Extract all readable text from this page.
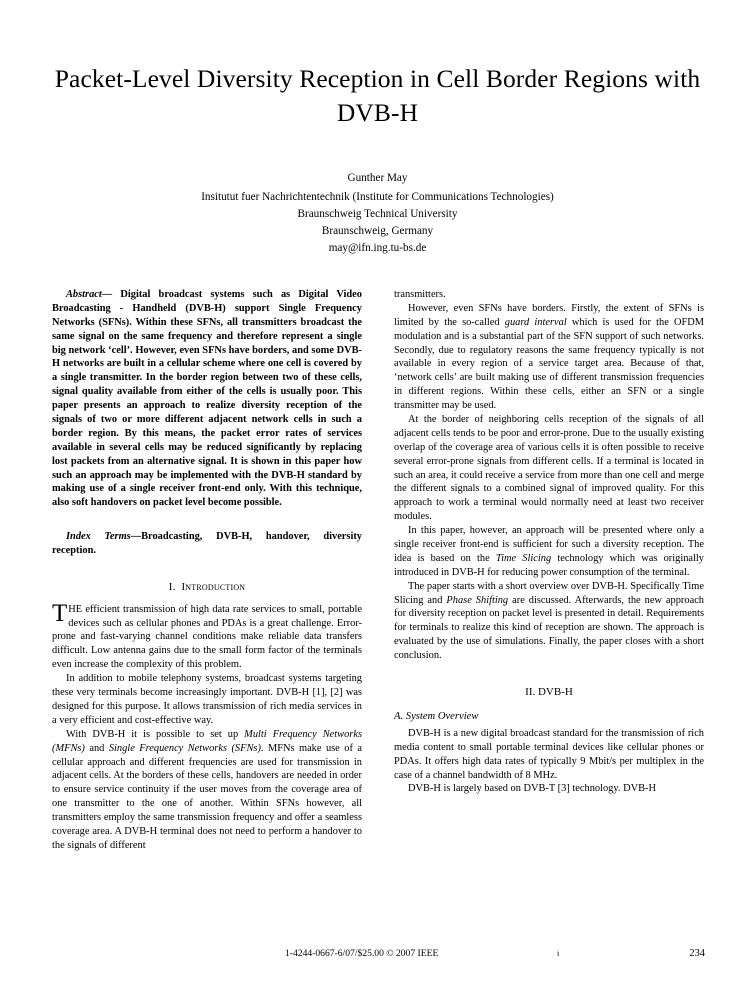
Packet-Level Diversity Reception in Cell Border Regions with DVB-H
Gunther May
Insitutut fuer Nachrichtentechnik (Institute for Communications Technologies)
Braunschweig Technical University
Braunschweig, Germany
may@ifn.ing.tu-bs.de

Abstract— Digital broadcast systems such as Digital Video Broadcasting - Handheld (DVB-H) support Single Frequency Networks (SFNs). Within these SFNs, all transmitters broadcast the same signal on the same frequency and therefore represent a single big network ‘cell’. However, even SFNs have borders, and some DVB-H networks are built in a cellular scheme where one cell is covered by a single transmitter. In the border region between two of these cells, signal quality available from either of the cells is usually poor. This paper presents an approach to realize diversity reception of the signals of two or more different adjacent network cells in such a border region. By this means, the packet error rates of services available in several cells may be reduced significantly by replacing lost packets from an alternative signal. It is shown in this paper how such an approach may be implemented with the DVB-H standard by making use of a single receiver front-end only. With this technique, also soft handovers on packet level become possible.

Index Terms—Broadcasting, DVB-H, handover, diversity reception.

I. Introduction

THE efficient transmission of high data rate services to small, portable devices such as cellular phones and PDAs is a great challenge. Error-prone and fast-varying channel conditions make reliable data transfers difficult. Low antenna gains due to the small form factor of the terminals even increase the complexity of this problem.

In addition to mobile telephony systems, broadcast systems targeting these very terminals become increasingly important. DVB-H [1], [2] was designed for this purpose. It allows transmission of rich media services in a very efficient and cost-effective way.

With DVB-H it is possible to set up Multi Frequency Networks (MFNs) and Single Frequency Networks (SFNs). MFNs make use of a cellular approach and different frequencies are used for transmission in adjacent cells. At the borders of these cells, handovers are needed in order to ensure service continuity if the user moves from the coverage area of one transmitter to the one of another. Within SFNs however, all transmitters employ the same transmission frequency and offer a seamless coverage area. A DVB-H terminal does not need to perform a handover to the signals of different

transmitters.

However, even SFNs have borders. Firstly, the extent of SFNs is limited by the so-called guard interval which is used for the OFDM modulation and is a substantial part of the SFN support of such networks. Secondly, due to regulatory reasons the same frequency typically is not available in every region of a service target area. Because of that, ‘network cells’ are built making use of different transmission frequencies in different regions. Within these cells, either an SFN or a single transmitter may be used.

At the border of neighboring cells reception of the signals of all adjacent cells tends to be poor and error-prone. Due to the usually existing overlap of the coverage area of various cells it is often possible to receive several error-prone signals from different cells. If a terminal is located in such an area, it could receive a service from more than one cell and merge the different signals to a combined signal of improved quality. For this approach to work a terminal would normally need at least two receiver modules.

In this paper, however, an approach will be presented where only a single receiver front-end is sufficient for such a diversity reception. The idea is based on the Time Slicing technology which was originally introduced in DVB-H for reducing power consumption of the terminal.

The paper starts with a short overview over DVB-H. Specifically Time Slicing and Phase Shifting are discussed. Afterwards, the new approach for diversity reception on packet level is presented in detail. Requirements for terminals to realize this kind of reception are shown. The approach is evaluated by the use of simulations. Finally, the paper closes with a short conclusion.

II. DVB-H
A. System Overview

DVB-H is a new digital broadcast standard for the transmission of rich media content to small portable terminal devices like cellular phones or PDAs. It offers high data rates of typically 9 Mbit/s per multiplex in the case of a channel bandwidth of 8 MHz.

DVB-H is largely based on DVB-T [3] technology. DVB-H

1-4244-0667-6/07/$25.00 © 2007 IEEE	i	234
